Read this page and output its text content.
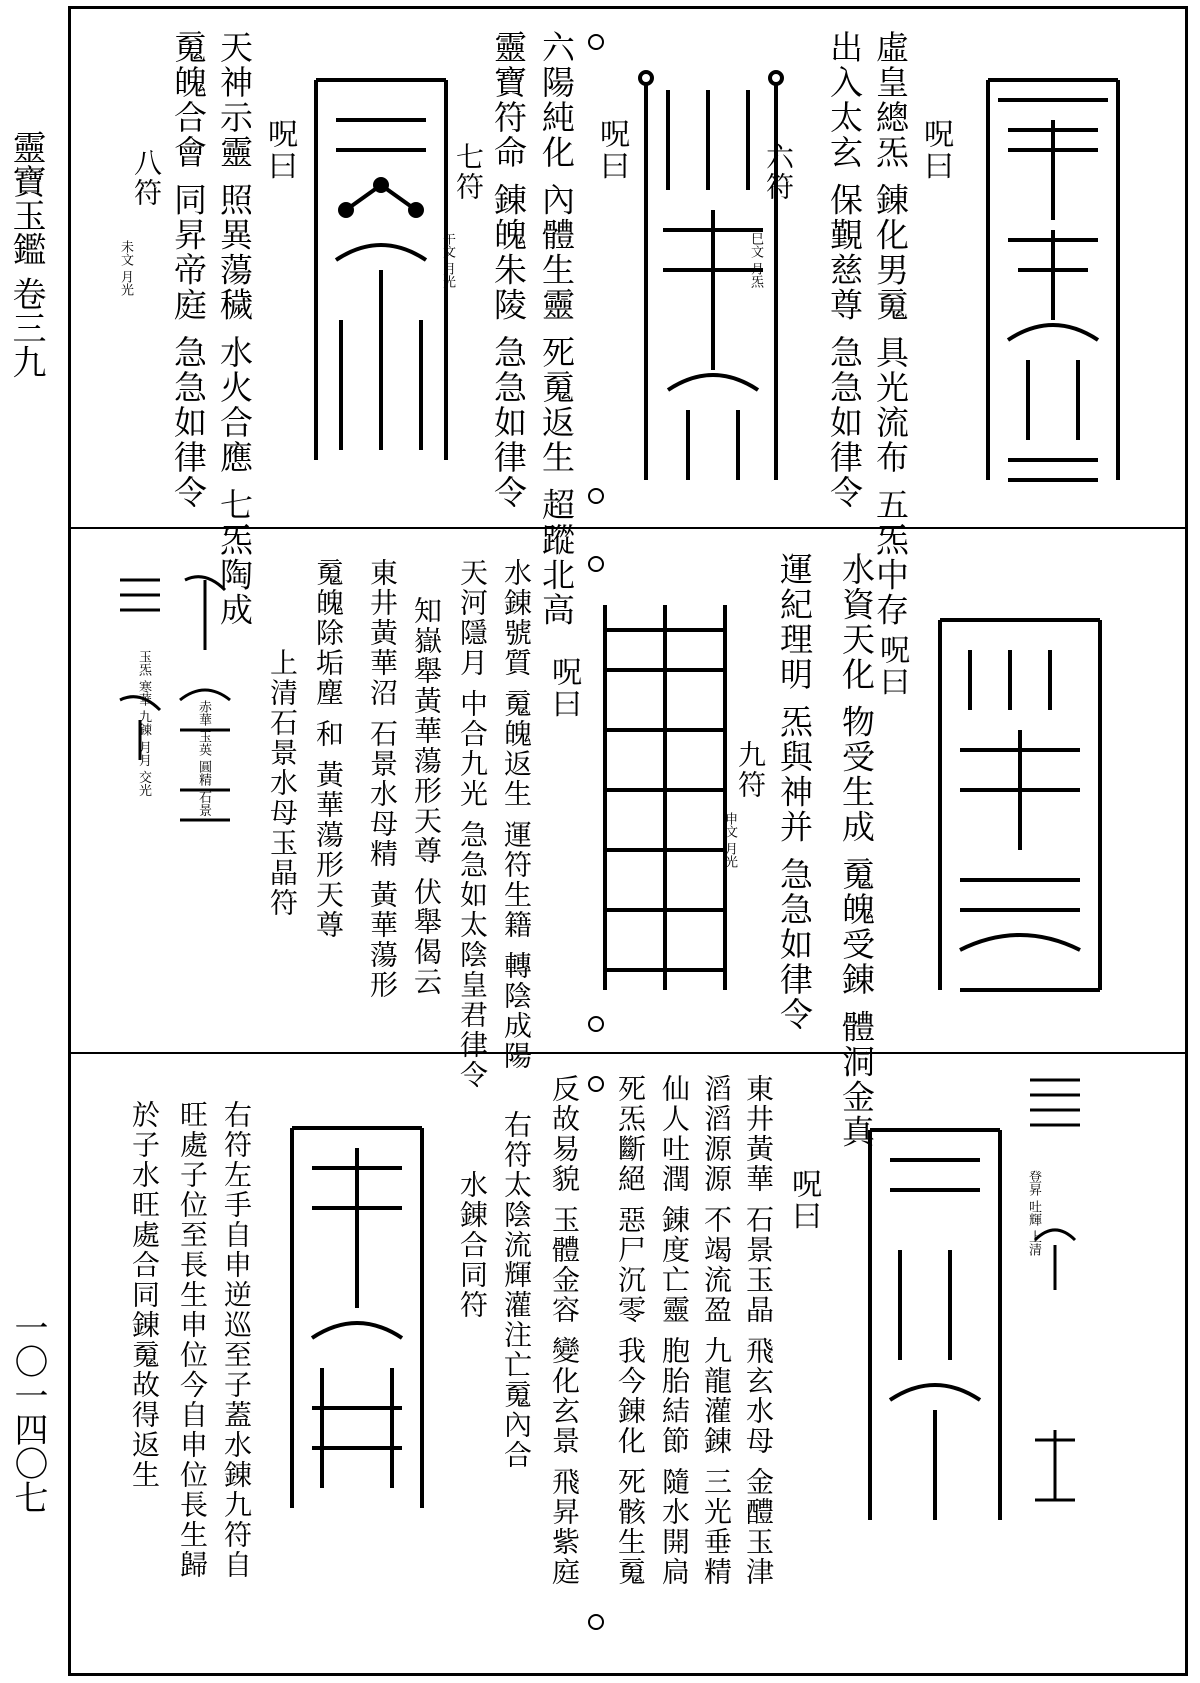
靈寶玉鑑 卷三九
一〇一四〇七
呪曰
虛皇總炁 錬化男䰟 具光流布 五炁中存
出入太玄 保覲慈尊 急急如律令
六符
巳文 月炁
呪曰
六陽純化 內體生靈 死䰟返生 超蹤北高
靈寶符命 錬魄朱陵 急急如律令
七符
午文 月光
呪曰
天神示靈 照異蕩穢 水火合應 七炁陶成
䰟魄合會 同昇帝庭 急急如律令
八符
未文 月光
呪曰
水資天化 物受生成 䰟魄受錬 體洞金真
運紀理明 炁與神并 急急如律令
九符
申文 月光
呪曰
水錬號質 䰟魄返生 運符生籍 轉陰成陽
天河隱月 中合九光 急急如太陰皇君律令
知嶽舉黃華蕩形天尊 伏舉偈云
東井黃華沼 石景水母精 黃華蕩形
䰟魄除垢塵 和 黃華蕩形天尊
上清石景水母玉晶符
玉炁 寒華 九錬 月月 交光	赤華 玉英 圓精 石景
登昇 吐輝 上清
呪曰
東井黃華 石景玉晶 飛玄水母 金醴玉津
滔滔源源 不竭流盈 九龍灌錬 三光垂精
仙人吐潤 錬度亡靈 胞胎結節 隨水開扃
死炁斷絕 惡尸沉零 我今錬化 死骸生䰟
反故易貌 玉體金容 變化玄景 飛昇紫庭
右符太陰流輝灌注亡䰟內合
水錬合同符
右符左手自申逆巡至子蓋水錬九符自
旺處子位至長生申位今自申位長生歸
於子水旺處合同錬䰟故得返生
